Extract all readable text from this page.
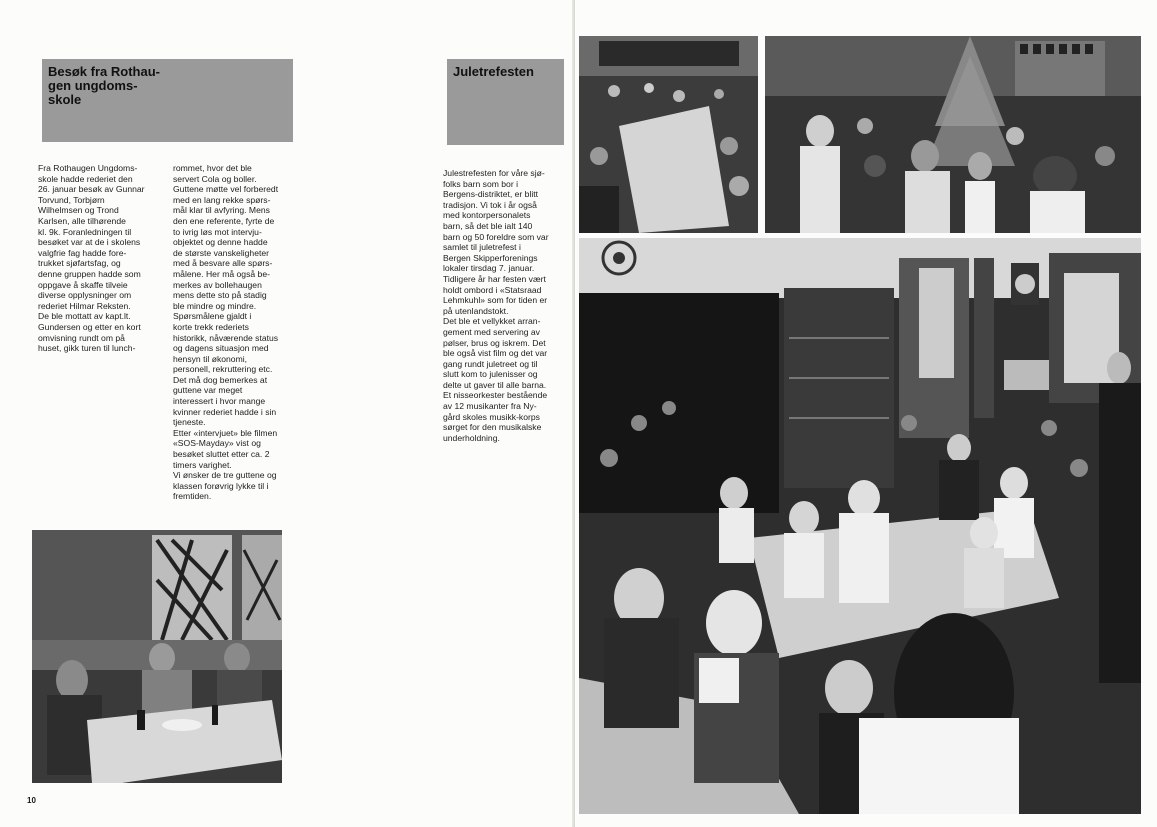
Besøk fra Rothau-
gen ungdoms-
skole
Fra Rothaugen Ungdoms-
skole hadde rederiet den
26. januar besøk av Gunnar
Torvund, Torbjørn
Wilhelmsen og Trond
Karlsen, alle tilhørende
kl. 9k. Foranledningen til
besøket var at de i skolens
valgfrie fag hadde fore-
trukket sjøfartsfag, og
denne gruppen hadde som
oppgave å skaffe tilveie
diverse opplysninger om
rederiet Hilmar Reksten.
De ble mottatt av kapt.lt.
Gundersen og etter en kort
omvisning rundt om på
huset, gikk turen til lunch-
rommet, hvor det ble
servert Cola og boller.
Guttene møtte vel forberedt
med en lang rekke spørs-
mål klar til avfyring. Mens
den ene referente, fyrte de
to ivrig løs mot intervju-
objektet og denne hadde
de største vanskeligheter
med å besvare alle spørs-
målene. Her må også be-
merkes av bollehaugen
mens dette sto på stadig
ble mindre og mindre.
Spørsmålene gjaldt i
korte trekk rederiets
historikk, nåværende status
og dagens situasjon med
hensyn til økonomi,
personell, rekruttering etc.
Det må dog bemerkes at
guttene var meget
interessert i hvor mange
kvinner rederiet hadde i sin
tjeneste.
Etter «intervjuet» ble filmen
«SOS-Mayday» vist og
besøket sluttet etter ca. 2
timers varighet.
Vi ønsker de tre guttene og
klassen forøvrig lykke til i
fremtiden.
10
Juletrefesten
Julestrefesten for våre sjø-
folks barn som bor i
Bergens-distriktet, er blitt
tradisjon. Vi tok i år også
med kontorpersonalets
barn, så det ble ialt 140
barn og 50 foreldre som var
samlet til juletrefest i
Bergen Skipperforenings
lokaler tirsdag 7. januar.
Tidligere år har festen vært
holdt ombord i «Statsraad
Lehmkuhl» som for tiden er
på utenlandstokt.
Det ble et vellykket arran-
gement med servering av
pølser, brus og iskrem. Det
ble også vist film og det var
gang rundt juletreet og til
slutt kom to julenisser og
delte ut gaver til alle barna.
Et nisseorkester bestående
av 12 musikanter fra Ny-
gård skoles musikk-korps
sørget for den musikalske
underholdning.
